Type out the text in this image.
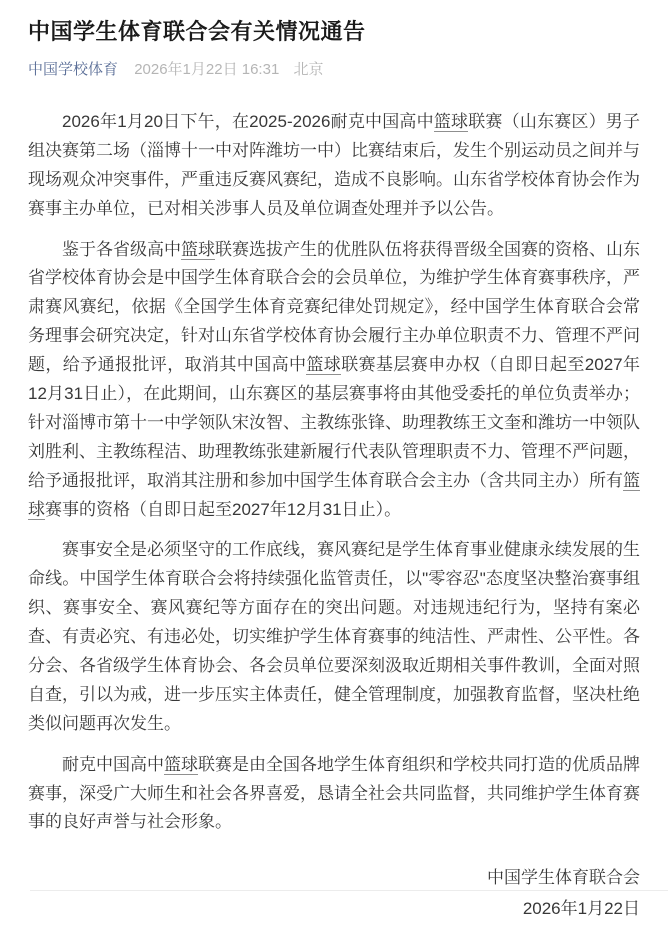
中国学生体育联合会有关情况通告
中国学校体育 2026年1月22日 16:31 北京

2026年1月20日下午，在2025-2026耐克中国高中篮球联赛（山东赛区）男子组决赛第二场（淄博十一中对阵潍坊一中）比赛结束后，发生个别运动员之间并与现场观众冲突事件，严重违反赛风赛纪，造成不良影响。山东省学校体育协会作为赛事主办单位，已对相关涉事人员及单位调查处理并予以公告。

鉴于各省级高中篮球联赛选拔产生的优胜队伍将获得晋级全国赛的资格、山东省学校体育协会是中国学生体育联合会的会员单位，为维护学生体育赛事秩序，严肃赛风赛纪，依据《全国学生体育竞赛纪律处罚规定》，经中国学生体育联合会常务理事会研究决定，针对山东省学校体育协会履行主办单位职责不力、管理不严问题，给予通报批评，取消其中国高中篮球联赛基层赛申办权（自即日起至2027年12月31日止），在此期间，山东赛区的基层赛事将由其他受委托的单位负责举办；针对淄博市第十一中学领队宋汝智、主教练张锋、助理教练王文奎和潍坊一中领队刘胜利、主教练程洁、助理教练张建新履行代表队管理职责不力、管理不严问题，给予通报批评，取消其注册和参加中国学生体育联合会主办（含共同主办）所有篮球赛事的资格（自即日起至2027年12月31日止）。

赛事安全是必须坚守的工作底线，赛风赛纪是学生体育事业健康永续发展的生命线。中国学生体育联合会将持续强化监管责任，以"零容忍"态度坚决整治赛事组织、赛事安全、赛风赛纪等方面存在的突出问题。对违规违纪行为，坚持有案必查、有责必究、有违必处，切实维护学生体育赛事的纯洁性、严肃性、公平性。各分会、各省级学生体育协会、各会员单位要深刻汲取近期相关事件教训，全面对照自查，引以为戒，进一步压实主体责任，健全管理制度，加强教育监督，坚决杜绝类似问题再次发生。

耐克中国高中篮球联赛是由全国各地学生体育组织和学校共同打造的优质品牌赛事，深受广大师生和社会各界喜爱，恳请全社会共同监督，共同维护学生体育赛事的良好声誉与社会形象。

中国学生体育联合会
2026年1月22日
